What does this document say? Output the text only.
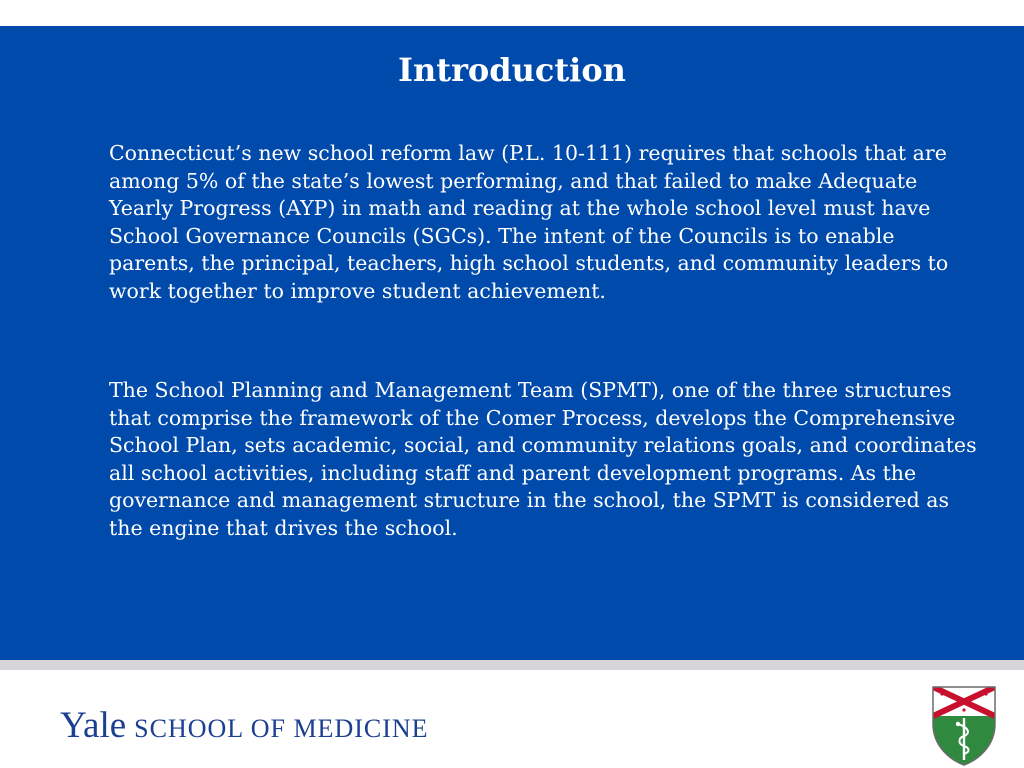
Introduction

Connecticut’s new school reform law (P.L. 10-111) requires that schools that are among 5% of the state’s lowest performing, and that failed to make Adequate Yearly Progress (AYP) in math and reading at the whole school level must have School Governance Councils (SGCs). The intent of the Councils is to enable parents, the principal, teachers, high school students, and community leaders to work together to improve student achievement.

The School Planning and Management Team (SPMT), one of the three structures that comprise the framework of the Comer Process, develops the Comprehensive School Plan, sets academic, social, and community relations goals, and coordinates all school activities, including staff and parent development programs. As the governance and management structure in the school, the SPMT is considered as the engine that drives the school.

Yale SCHOOL OF MEDICINE
